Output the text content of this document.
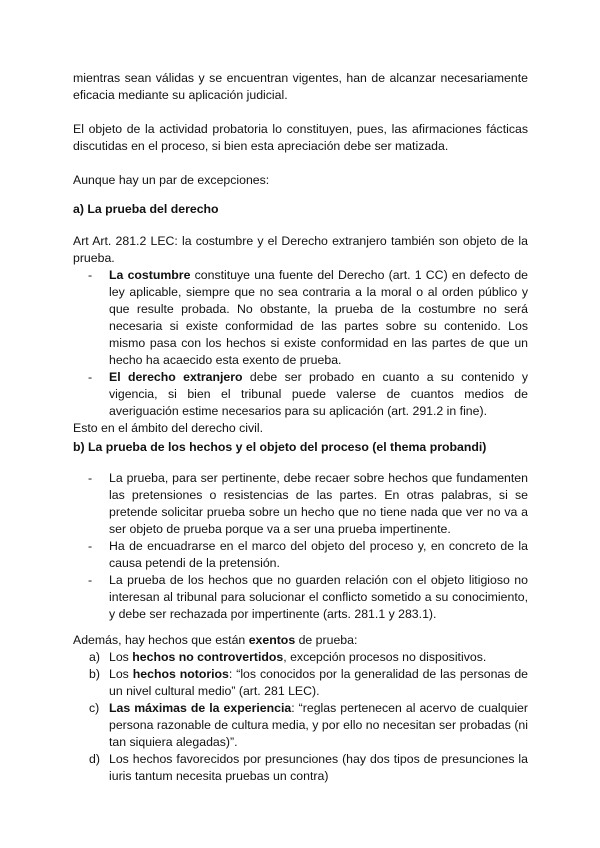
mientras sean válidas y se encuentran vigentes, han de alcanzar necesariamente eficacia mediante su aplicación judicial.

El objeto de la actividad probatoria lo constituyen, pues, las afirmaciones fácticas discutidas en el proceso, si bien esta apreciación debe ser matizada.

Aunque hay un par de excepciones:

a) La prueba del derecho

Art Art. 281.2 LEC: la costumbre y el Derecho extranjero también son objeto de la prueba.

- La costumbre constituye una fuente del Derecho (art. 1 CC) en defecto de ley aplicable, siempre que no sea contraria a la moral o al orden público y que resulte probada. No obstante, la prueba de la costumbre no será necesaria si existe conformidad de las partes sobre su contenido. Los mismo pasa con los hechos si existe conformidad en las partes de que un hecho ha acaecido esta exento de prueba.
- El derecho extranjero debe ser probado en cuanto a su contenido y vigencia, si bien el tribunal puede valerse de cuantos medios de averiguación estime necesarios para su aplicación (art. 291.2 in fine).

Esto en el ámbito del derecho civil.

b) La prueba de los hechos y el objeto del proceso (el thema probandi)
- La prueba, para ser pertinente, debe recaer sobre hechos que fundamenten las pretensiones o resistencias de las partes. En otras palabras, si se pretende solicitar prueba sobre un hecho que no tiene nada que ver no va a ser objeto de prueba porque va a ser una prueba impertinente.
- Ha de encuadrarse en el marco del objeto del proceso y, en concreto de la causa petendi de la pretensión.
- La prueba de los hechos que no guarden relación con el objeto litigioso no interesan al tribunal para solucionar el conflicto sometido a su conocimiento, y debe ser rechazada por impertinente (arts. 281.1 y 283.1).

Además, hay hechos que están exentos de prueba:

a) Los hechos no controvertidos, excepción procesos no dispositivos.
b) Los hechos notorios: “los conocidos por la generalidad de las personas de un nivel cultural medio” (art. 281 LEC).
c) Las máximas de la experiencia: “reglas pertenecen al acervo de cualquier persona razonable de cultura media, y por ello no necesitan ser probadas (ni tan siquiera alegadas)”.
d) Los hechos favorecidos por presunciones (hay dos tipos de presunciones la iuris tantum necesita pruebas un contra)
